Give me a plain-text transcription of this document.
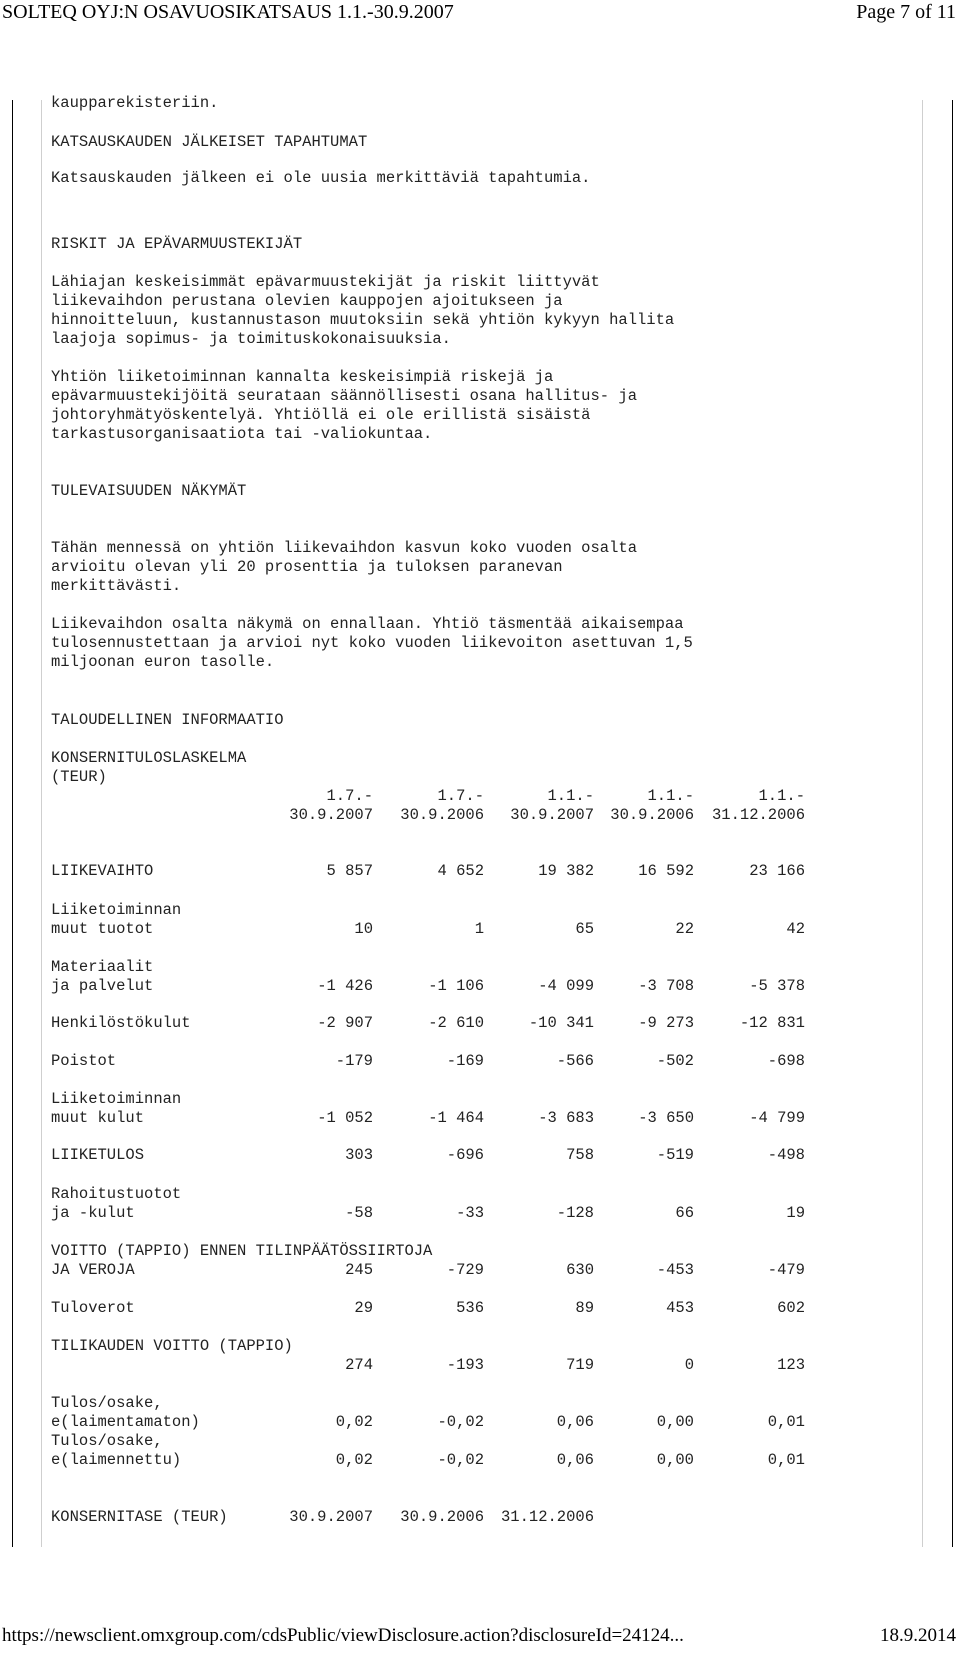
SOLTEQ OYJ:N OSAVUOSIKATSAUS 1.1.-30.9.2007	Page 7 of 11
kaupparekisteriin.
KATSAUSKAUDEN JÄLKEISET TAPAHTUMAT
Katsauskauden jälkeen ei ole uusia merkittäviä tapahtumia.
RISKIT JA EPÄVARMUUSTEKIJÄT
Lähiajan keskeisimmät epävarmuustekijät ja riskit liittyvät
liikevaihdon perustana olevien kauppojen ajoitukseen ja
hinnoitteluun, kustannustason muutoksiin sekä yhtiön kykyyn hallita
laajoja sopimus- ja toimituskokonaisuuksia.
Yhtiön liiketoiminnan kannalta keskeisimpiä riskejä ja
epävarmuustekijöitä seurataan säännöllisesti osana hallitus- ja
johtoryhmätyöskentelyä. Yhtiöllä ei ole erillistä sisäistä
tarkastusorganisaatiota tai -valiokuntaa.
TULEVAISUUDEN NÄKYMÄT
Tähän mennessä on yhtiön liikevaihdon kasvun koko vuoden osalta
arvioitu olevan yli 20 prosenttia ja tuloksen paranevan
merkittävästi.
Liikevaihdon osalta näkymä on ennallaan. Yhtiö täsmentää aikaisempaa
tulosennustettaan ja arvioi nyt koko vuoden liikevoiton asettuvan 1,5
miljoonan euron tasolle.
TALOUDELLINEN INFORMAATIO
KONSERNITULOSLASKELMA
(TEUR)
1.7.-	1.7.-	1.1.-	1.1.-	1.1.-
30.9.2007	30.9.2006	30.9.2007	30.9.2006	31.12.2006
LIIKEVAIHTO	5 857	4 652	19 382	16 592	23 166
Liiketoiminnan
muut tuotot	10	1	65	22	42
Materiaalit
ja palvelut	-1 426	-1 106	-4 099	-3 708	-5 378
Henkilöstökulut	-2 907	-2 610	-10 341	-9 273	-12 831
Poistot	-179	-169	-566	-502	-698
Liiketoiminnan
muut kulut	-1 052	-1 464	-3 683	-3 650	-4 799
LIIKETULOS	303	-696	758	-519	-498
Rahoitustuotot
ja -kulut	-58	-33	-128	66	19
VOITTO (TAPPIO) ENNEN TILINPÄÄTÖSSIIRTOJA
JA VEROJA	245	-729	630	-453	-479
Tuloverot	29	536	89	453	602
TILIKAUDEN VOITTO (TAPPIO)
274	-193	719	0	123
Tulos/osake,
e(laimentamaton)	0,02	-0,02	0,06	0,00	0,01
Tulos/osake,
e(laimennettu)	0,02	-0,02	0,06	0,00	0,01
KONSERNITASE (TEUR)	30.9.2007	30.9.2006	31.12.2006
https://newsclient.omxgroup.com/cdsPublic/viewDisclosure.action?disclosureId=24124...	18.9.2014
